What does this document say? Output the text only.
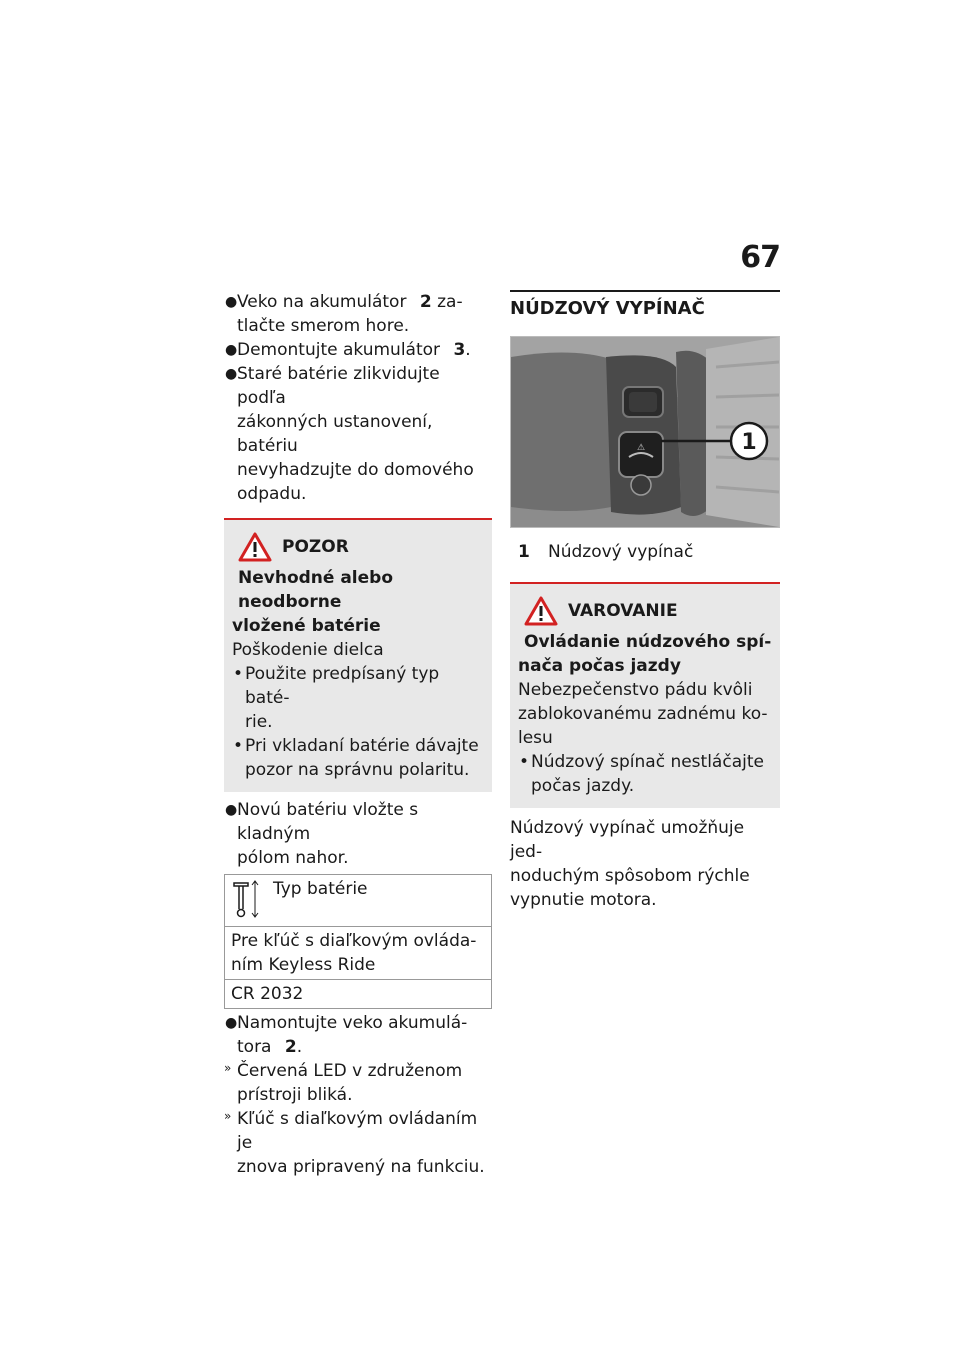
67
● Veko na akumulátor 2 za-
tlačte smerom hore.
● Demontujte akumulátor 3.
● Staré batérie zlikvidujte podľa
zákonných ustanovení, batériu
nevyhadzujte do domového
odpadu.
POZOR
Nevhodné alebo neodborne
vložené batérie
Poškodenie dielca
• Použite predpísaný typ baté-
rie.
• Pri vkladaní batérie dávajte
pozor na správnu polaritu.
● Novú batériu vložte s kladným
pólom nahor.
Typ batérie

Pre kľúč s diaľkovým ovláda-
ním Keyless Ride

CR 2032
● Namontujte veko akumulá-
tora 2.
» Červená LED v združenom
prístroji bliká.
» Kľúč s diaľkovým ovládaním je
znova pripravený na funkciu.
NÚDZOVÝ VYPÍNAČ
⚠	1
1	Núdzový vypínač
VAROVANIE
Ovládanie núdzového spí-
nača počas jazdy
Nebezpečenstvo pádu kvôli
zablokovanému zadnému ko-
lesu
• Núdzový spínač nestláčajte
počas jazdy.
Núdzový vypínač umožňuje jed-
noduchým spôsobom rýchle
vypnutie motora.
